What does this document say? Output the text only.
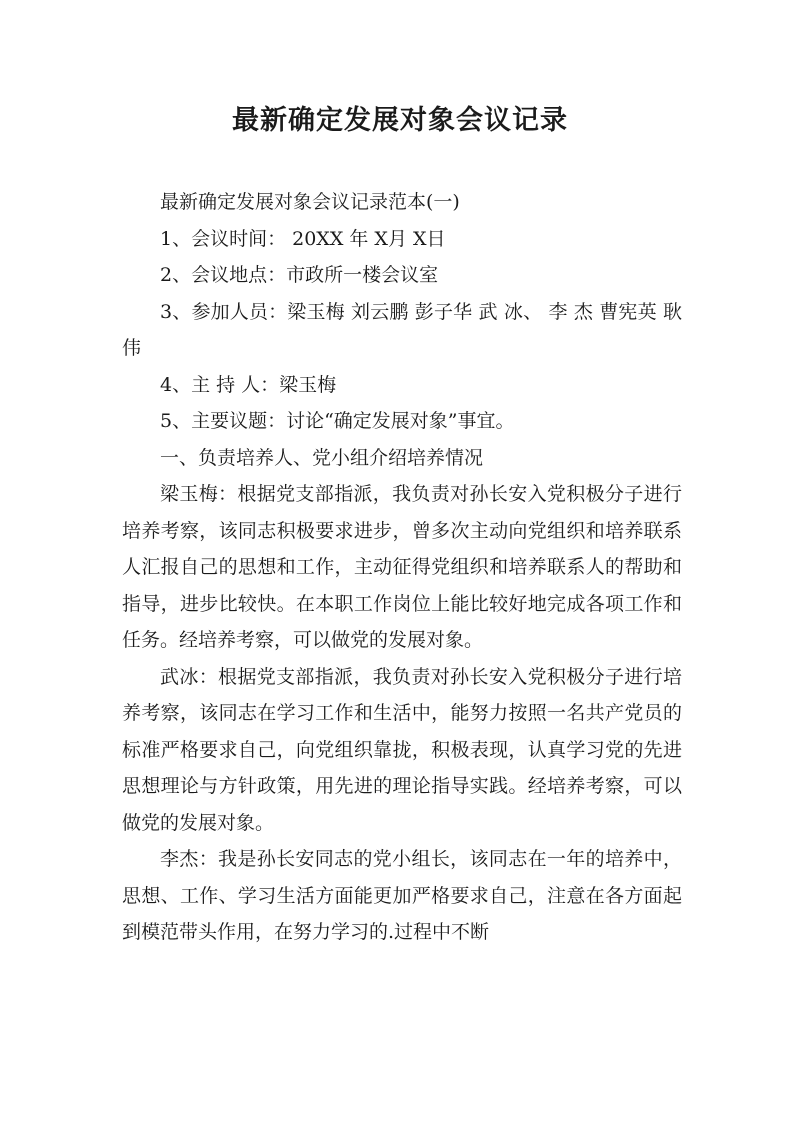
最新确定发展对象会议记录

最新确定发展对象会议记录范本(一)

1、会议时间： 20XX 年 X月 X日

2、会议地点：市政所一楼会议室

3、参加人员：梁玉梅 刘云鹏 彭子华 武 冰、 李 杰 曹宪英 耿 伟

4、主 持 人：梁玉梅

5、主要议题：讨论“确定发展对象”事宜。

一、负责培养人、党小组介绍培养情况

梁玉梅：根据党支部指派，我负责对孙长安入党积极分子进行培养考察，该同志积极要求进步，曾多次主动向党组织和培养联系人汇报自己的思想和工作，主动征得党组织和培养联系人的帮助和指导，进步比较快。在本职工作岗位上能比较好地完成各项工作和任务。经培养考察，可以做党的发展对象。

武冰：根据党支部指派，我负责对孙长安入党积极分子进行培养考察，该同志在学习工作和生活中，能努力按照一名共产党员的标准严格要求自己，向党组织靠拢，积极表现，认真学习党的先进思想理论与方针政策，用先进的理论指导实践。经培养考察，可以做党的发展对象。

李杰：我是孙长安同志的党小组长，该同志在一年的培养中，思想、工作、学习生活方面能更加严格要求自己，注意在各方面起到模范带头作用，在努力学习的.过程中不断
